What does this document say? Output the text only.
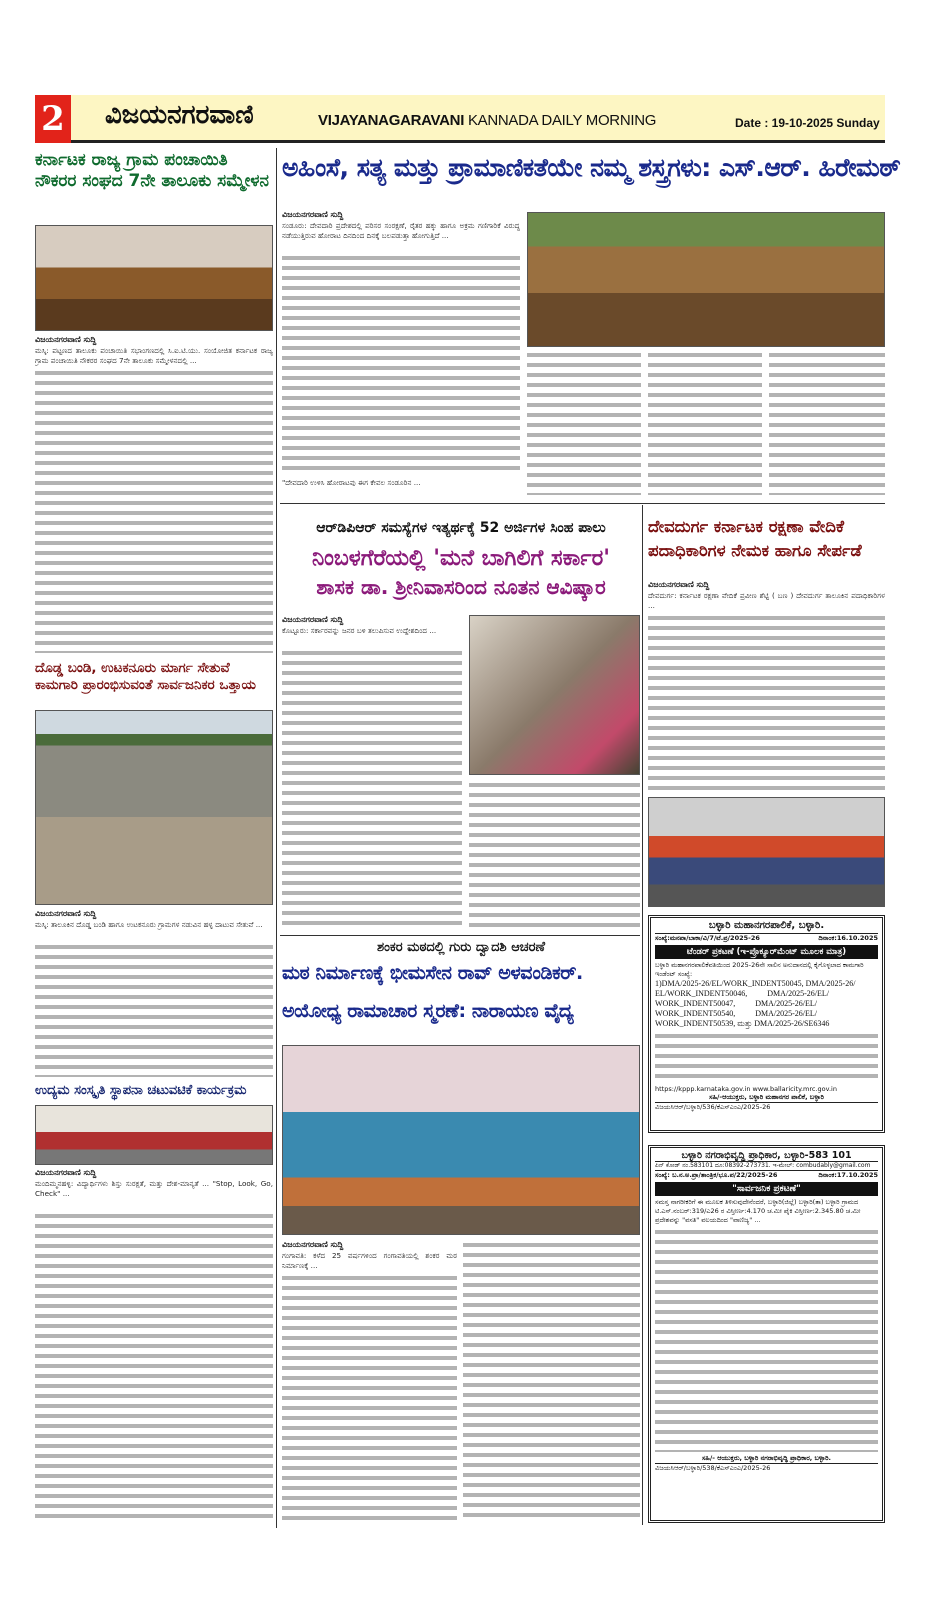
2 ವಿಜಯನಗರವಾಣಿ	VIJAYANAGARAVANI KANNADA DAILY MORNING	Date : 19-10-2025 Sunday
ಕರ್ನಾಟಕ ರಾಜ್ಯ ಗ್ರಾಮ ಪಂಚಾಯಿತಿ ನೌಕರರ ಸಂಘದ 7ನೇ ತಾಲೂಕು ಸಮ್ಮೇಳನ
ವಿಜಯನಗರವಾಣಿ ಸುದ್ದಿ
ಮಸ್ಕಿ: ಪಟ್ಟಣದ ತಾಲೂಕು ಪಂಚಾಯಿತಿ ಸಭಾಂಗಣದಲ್ಲಿ ಸಿ.ಐ.ಟಿ.ಯು. ಸಂಯೋಜಿತ ಕರ್ನಾಟಕ ರಾಜ್ಯ ಗ್ರಾಮ ಪಂಚಾಯಿತಿ ನೌಕರರ ಸಂಘದ 7ನೇ ತಾಲೂಕು ಸಮ್ಮೇಳನದಲ್ಲಿ ...
ದೊಡ್ಡ ಬಂಡಿ, ಉಟಕನೂರು ಮಾರ್ಗ ಸೇತುವೆ ಕಾಮಗಾರಿ ಪ್ರಾರಂಭಿಸುವಂತೆ ಸಾರ್ವಜನಿಕರ ಒತ್ತಾಯ
ವಿಜಯನಗರವಾಣಿ ಸುದ್ದಿ
ಮಸ್ಕಿ: ತಾಲೂಕಿನ ದೊಡ್ಡ ಬಂಡಿ ಹಾಗೂ ಉಟಕನೂರು ಗ್ರಾಮಗಳ ನಡುವಿನ ಹಳ್ಳ ದಾಟುವ ಸೇತುವೆ ...
ಉದ್ಯಮ ಸಂಸ್ಕೃತಿ ಸ್ಥಾಪನಾ ಚಟುವಟಿಕೆ ಕಾರ್ಯಕ್ರಮ
ವಿಜಯನಗರವಾಣಿ ಸುದ್ದಿ
ಮಂದಿಮ್ಮನಹಳ್ಳಿ: ವಿದ್ಯಾರ್ಥಿಗಳು ಶಿಸ್ತು ಸುರಕ್ಷತೆ, ಮತ್ತು ದೇಶ-ಮಾನ್ಯತೆ ... "Stop, Look, Go, Check" ...
ಅಹಿಂಸೆ, ಸತ್ಯ ಮತ್ತು ಪ್ರಾಮಾಣಿಕತೆಯೇ ನಮ್ಮ ಶಸ್ತ್ರಗಳು: ಎಸ್.ಆರ್. ಹಿರೇಮಠ್
ವಿಜಯನಗರವಾಣಿ ಸುದ್ದಿ
ಸಂಡೂರು: ದೇವದಾರಿ ಪ್ರದೇಶದಲ್ಲಿ ಪರಿಸರ ಸಂರಕ್ಷಣೆ, ರೈತರ ಹಕ್ಕು ಹಾಗೂ ಅಕ್ರಮ ಗಣಿಗಾರಿಕೆ ವಿರುದ್ಧ ನಡೆಯುತ್ತಿರುವ ಹೋರಾಟ ದಿನದಿಂದ ದಿನಕ್ಕೆ ಬಲಪಡುತ್ತಾ ಹೋಗುತ್ತಿದೆ ...
"ದೇವದಾರಿ ಉಳಿಸಿ ಹೋರಾಟವು ಈಗ ಕೇವಲ ಸಂಡೂರಿನ ...
ಆರ್‌ಡಿಪಿಆರ್ ಸಮಸ್ಯೆಗಳ ಇತ್ಯರ್ಥಕ್ಕೆ 52 ಅರ್ಜಿಗಳ ಸಿಂಹ ಪಾಲು
ನಿಂಬಳಗೆರೆಯಲ್ಲಿ 'ಮನೆ ಬಾಗಿಲಿಗೆ ಸರ್ಕಾರ'
ಶಾಸಕ ಡಾ. ಶ್ರೀನಿವಾಸರಿಂದ ನೂತನ ಆವಿಷ್ಕಾರ
ವಿಜಯನಗರವಾಣಿ ಸುದ್ದಿ
ಕೊಟ್ಟೂರು: ಸರ್ಕಾರವನ್ನು ಜನರ ಬಳಿ ತಲುಪಿಸುವ ಉದ್ದೇಶದಿಂದ ...
ದೇವದುರ್ಗ ಕರ್ನಾಟಕ ರಕ್ಷಣಾ ವೇದಿಕೆ ಪದಾಧಿಕಾರಿಗಳ ನೇಮಕ ಹಾಗೂ ಸೇರ್ಪಡೆ
ವಿಜಯನಗರವಾಣಿ ಸುದ್ದಿ
ದೇವದುರ್ಗ: ಕರ್ನಾಟಕ ರಕ್ಷಣಾ ವೇದಿಕೆ ಪ್ರವೀಣ ಶೆಟ್ಟಿ ( ಬಣ ) ದೇವದುರ್ಗ ತಾಲೂಕಿನ ಪದಾಧಿಕಾರಿಗಳ ...
ಬಳ್ಳಾರಿ ಮಹಾನಗರಪಾಲಿಕೆ, ಬಳ್ಳಾರಿ.
ಸಂಖ್ಯೆ:ಮನಪಾ/ಬಾಕಾ/ವಿ/7/ಟೆ.ಪ್ರ/2025-26	ದಿನಾಂಕ:16.10.2025
ಟೆಂಡರ್ ಪ್ರಕಟಣೆ (ಇ-ಪ್ರೊಕ್ಯೂರ್‌ಮೆಂಟ್ ಮೂಲಕ ಮಾತ್ರ)
ಬಳ್ಳಾರಿ ಮಹಾನಗರಪಾಲಿಕೆವತಿಯಿಂದ 2025-26ನೇ ಸಾಲಿನ ಅನುದಾನದಲ್ಲಿ ಕೈಗೊಳ್ಳಲಾದ ಕಾಮಗಾರಿ ಇಂಡೆಂಟ್ ಸಂಖ್ಯೆ:
1)DMA/2025-26/EL/WORK_INDENT50045, DMA/2025-26/
EL/WORK_INDENT50046,          DMA/2025-26/EL/
WORK_INDENT50047,          DMA/2025-26/EL/
WORK_INDENT50540,          DMA/2025-26/EL/
WORK_INDENT50539, ಮತ್ತು DMA/2025-26/SE6346
https://kppp.karnataka.gov.in www.ballaricity.mrc.gov.in
ಸಹಿ/-ಆಯುಕ್ತರು, ಬಳ್ಳಾರಿ ಮಹಾನಗರ ಪಾಲಿಕೆ, ಬಳ್ಳಾರಿ
ವಿಜಯಸಿಆರ್/ಬಳ್ಳಾರಿ/536/ಕೆಎಸ್‌ಎಂಎ/2025-26
ಬಳ್ಳಾರಿ ನಗರಾಭಿವೃದ್ಧಿ ಪ್ರಾಧಿಕಾರ, ಬಳ್ಳಾರಿ-583 101
ಪಿನ್ ಕೋಡ್ ನಂ.583101 ದೂ:08392-273731. ಇ-ಮೇಲ್: combudably@gmail.com
ಸಂಖ್ಯೆ: ಬ.ನ.ಅ.ಪ್ರಾ/ತಾಂತ್ರಿಕ/ಭೂ.ಪ/22/2025-26	ದಿನಾಂಕ:17.10.2025
"ಸಾರ್ವಜನಿಕ ಪ್ರಕಟಣೆ"
ಸಮಸ್ತ ನಾಗರೀಕರಿಗೆ ಈ ಮೂಲಕ ತಿಳಿಸುವುದೇನೆಂದರೆ, ಬಳ್ಳಾರಿ(ಜಿಲ್ಲೆ) ಬಳ್ಳಾರಿ(ತಾ) ಬಳ್ಳಾರಿ ಗ್ರಾಮದ ಟಿ.ಎಸ್.ನಂಬರ್:319/ಎ26 ರ ವಿಸ್ತೀರ್ಣ:4.170 ಚ.ಮೀ ಪೈಕಿ ವಿಸ್ತೀರ್ಣ:2.345.80 ಚ.ಮೀ ಪ್ರದೇಶವನ್ನು "ವಸತಿ" ವಲಯದಿಂದ "ವಾಣಿಜ್ಯ" ...
ಸಹಿ/- ಆಯುಕ್ತರು, ಬಳ್ಳಾರಿ ನಗರಾಭಿವೃದ್ಧಿ ಪ್ರಾಧಿಕಾರ, ಬಳ್ಳಾರಿ.
ವಿಜಯಸಿಆರ್/ಬಳ್ಳಾರಿ/538/ಕೆಎಸ್‌ಎಂಎ/2025-26
ಶಂಕರ ಮಠದಲ್ಲಿ ಗುರು ದ್ವಾದಶಿ ಆಚರಣೆ
ಮಠ ನಿರ್ಮಾಣಕ್ಕೆ ಭೀಮಸೇನ ರಾವ್ ಅಳವಂಡಿಕರ್.
ಅಯೋಧ್ಯ ರಾಮಾಚಾರ ಸ್ಮರಣೆ: ನಾರಾಯಣ ವೈದ್ಯ
ವಿಜಯನಗರವಾಣಿ ಸುದ್ದಿ
ಗಂಗಾವತಿ: ಕಳೆದ 25 ವರ್ಷಗಳಿಂದ ಗಂಗಾವತಿಯಲ್ಲಿ ಶಂಕರ ಮಠ ನಿರ್ಮಾಣಕ್ಕೆ ...
